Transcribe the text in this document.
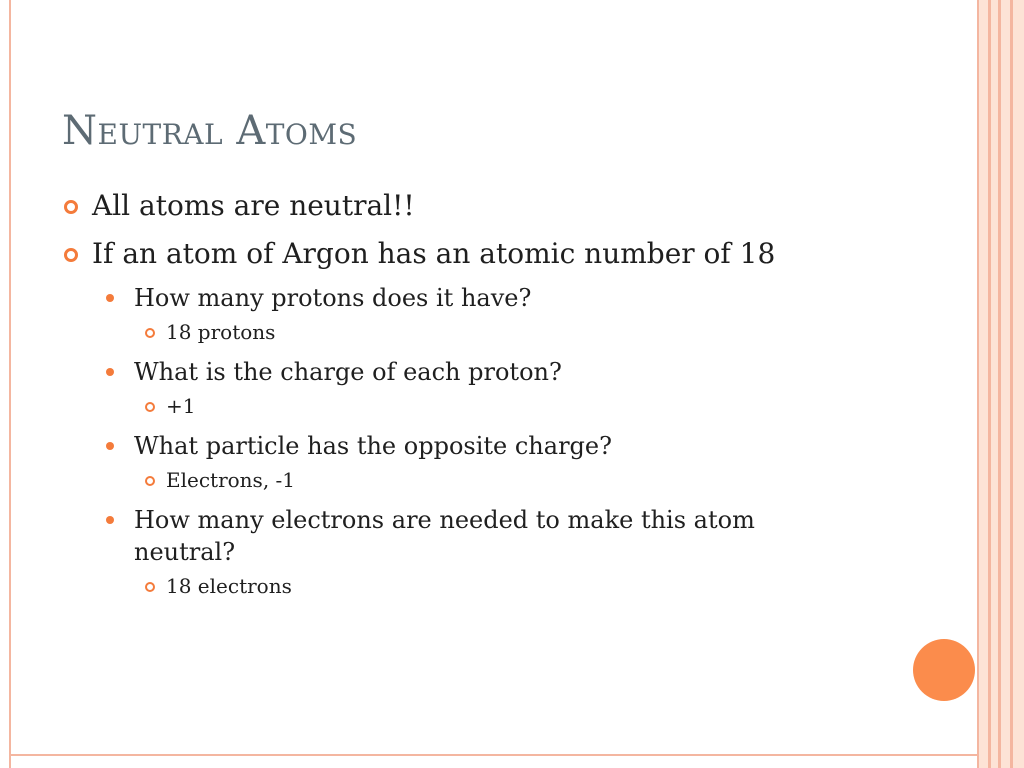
Neutral Atoms
All atoms are neutral!!
If an atom of Argon has an atomic number of 18
How many protons does it have?
18 protons
What is the charge of each proton?
+1
What particle has the opposite charge?
Electrons, -1
How many electrons are needed to make this atom neutral?
18 electrons
